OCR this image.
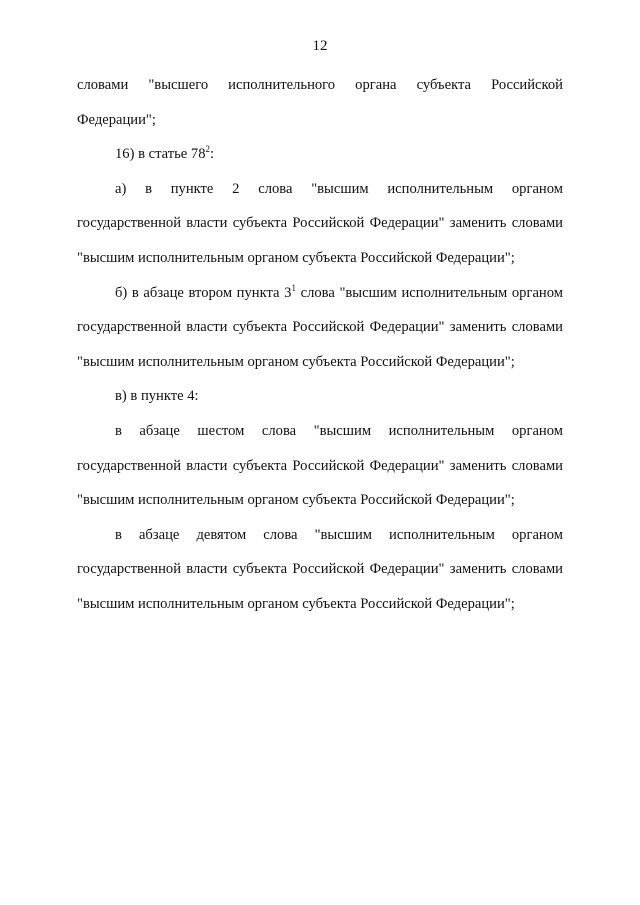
12

словами "высшего исполнительного органа субъекта Российской Федерации";

16) в статье $78^2$:

а) в пункте 2 слова "высшим исполнительным органом государственной власти субъекта Российской Федерации" заменить словами "высшим исполнительным органом субъекта Российской Федерации";

б) в абзаце втором пункта $3^1$ слова "высшим исполнительным органом государственной власти субъекта Российской Федерации" заменить словами "высшим исполнительным органом субъекта Российской Федерации";

в) в пункте 4:

в абзаце шестом слова "высшим исполнительным органом государственной власти субъекта Российской Федерации" заменить словами "высшим исполнительным органом субъекта Российской Федерации";

в абзаце девятом слова "высшим исполнительным органом государственной власти субъекта Российской Федерации" заменить словами "высшим исполнительным органом субъекта Российской Федерации";
